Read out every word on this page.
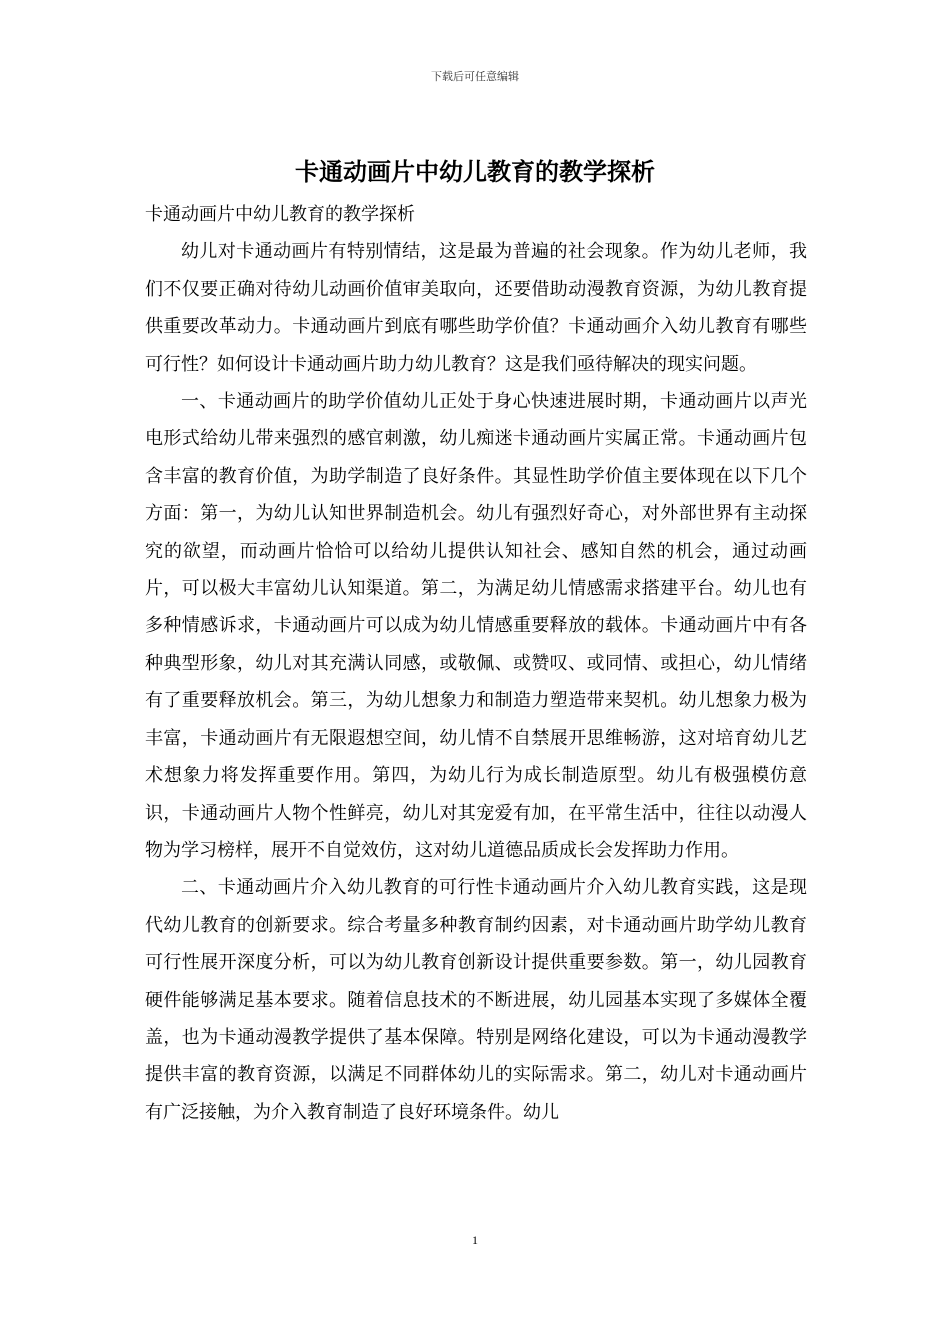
下载后可任意编辑
卡通动画片中幼儿教育的教学探析

卡通动画片中幼儿教育的教学探析

幼儿对卡通动画片有特别情结，这是最为普遍的社会现象。作为幼儿老师，我们不仅要正确对待幼儿动画价值审美取向，还要借助动漫教育资源，为幼儿教育提供重要改革动力。卡通动画片到底有哪些助学价值？卡通动画介入幼儿教育有哪些可行性？如何设计卡通动画片助力幼儿教育？这是我们亟待解决的现实问题。

一、卡通动画片的助学价值幼儿正处于身心快速进展时期，卡通动画片以声光电形式给幼儿带来强烈的感官刺激，幼儿痴迷卡通动画片实属正常。卡通动画片包含丰富的教育价值，为助学制造了良好条件。其显性助学价值主要体现在以下几个方面：第一，为幼儿认知世界制造机会。幼儿有强烈好奇心，对外部世界有主动探究的欲望，而动画片恰恰可以给幼儿提供认知社会、感知自然的机会，通过动画片，可以极大丰富幼儿认知渠道。第二，为满足幼儿情感需求搭建平台。幼儿也有多种情感诉求，卡通动画片可以成为幼儿情感重要释放的载体。卡通动画片中有各种典型形象，幼儿对其充满认同感，或敬佩、或赞叹、或同情、或担心，幼儿情绪有了重要释放机会。第三，为幼儿想象力和制造力塑造带来契机。幼儿想象力极为丰富，卡通动画片有无限遐想空间，幼儿情不自禁展开思维畅游，这对培育幼儿艺术想象力将发挥重要作用。第四，为幼儿行为成长制造原型。幼儿有极强模仿意识，卡通动画片人物个性鲜亮，幼儿对其宠爱有加，在平常生活中，往往以动漫人物为学习榜样，展开不自觉效仿，这对幼儿道德品质成长会发挥助力作用。

二、卡通动画片介入幼儿教育的可行性卡通动画片介入幼儿教育实践，这是现代幼儿教育的创新要求。综合考量多种教育制约因素，对卡通动画片助学幼儿教育可行性展开深度分析，可以为幼儿教育创新设计提供重要参数。第一，幼儿园教育硬件能够满足基本要求。随着信息技术的不断进展，幼儿园基本实现了多媒体全覆盖，也为卡通动漫教学提供了基本保障。特别是网络化建设，可以为卡通动漫教学提供丰富的教育资源，以满足不同群体幼儿的实际需求。第二，幼儿对卡通动画片有广泛接触，为介入教育制造了良好环境条件。幼儿

1
